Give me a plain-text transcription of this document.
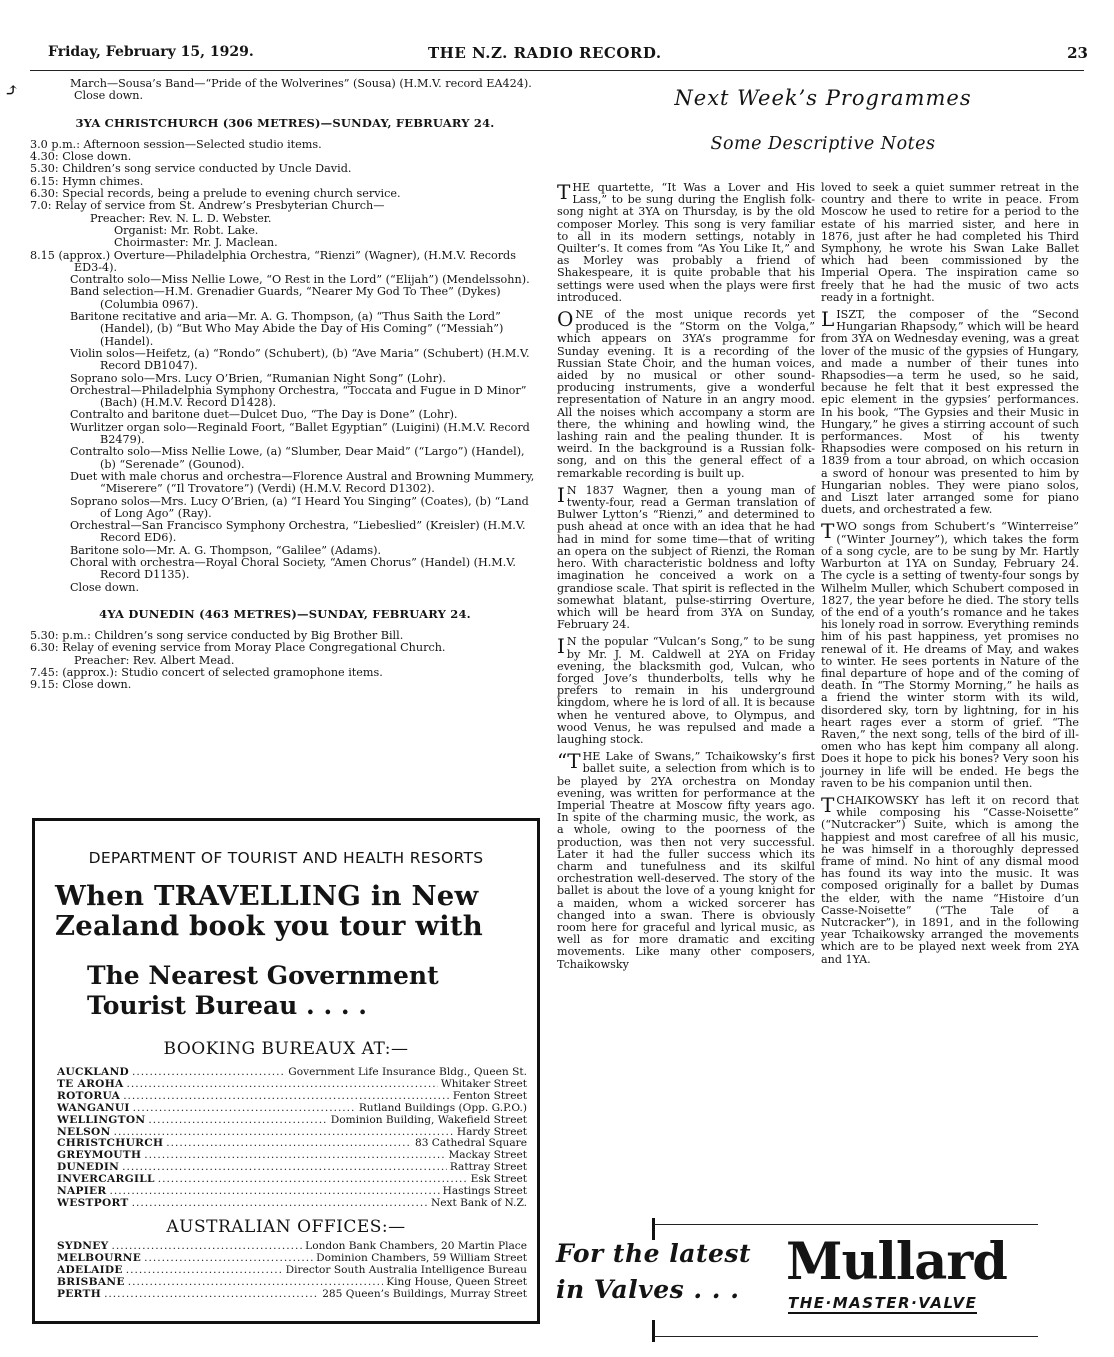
Friday, February 15, 1929.	THE N.Z. RADIO RECORD.	23
⤴	March—Sousa’s Band—“Pride of the Wolverines” (Sousa) (H.M.V. record EA424).

Close down.

3YA CHRISTCHURCH (306 METRES)—SUNDAY, FEBRUARY 24.

3.0 p.m.: Afternoon session—Selected studio items.

4.30: Close down.

5.30: Children’s song service conducted by Uncle David.

6.15: Hymn chimes.

6.30: Special records, being a prelude to evening church service.

7.0: Relay of service from St. Andrew’s Presbyterian Church—

Preacher: Rev. N. L. D. Webster.

Organist: Mr. Robt. Lake.

Choirmaster: Mr. J. Maclean.

8.15 (approx.) Overture—Philadelphia Orchestra, “Rienzi” (Wagner), (H.M.V. Records ED3-4).

Contralto solo—Miss Nellie Lowe, “O Rest in the Lord” (“Elijah”) (Mendelssohn).

Band selection—H.M. Grenadier Guards, “Nearer My God To Thee” (Dykes) (Columbia 0967).

Baritone recitative and aria—Mr. A. G. Thompson, (a) “Thus Saith the Lord” (Handel), (b) “But Who May Abide the Day of His Coming” (“Messiah”) (Handel).

Violin solos—Heifetz, (a) “Rondo” (Schubert), (b) “Ave Maria” (Schubert) (H.M.V. Record DB1047).

Soprano solo—Mrs. Lucy O’Brien, “Rumanian Night Song” (Lohr).

Orchestral—Philadelphia Symphony Orchestra, “Toccata and Fugue in D Minor” (Bach) (H.M.V. Record D1428).

Contralto and baritone duet—Dulcet Duo, “The Day is Done” (Lohr).

Wurlitzer organ solo—Reginald Foort, “Ballet Egyptian” (Luigini) (H.M.V. Record B2479).

Contralto solo—Miss Nellie Lowe, (a) “Slumber, Dear Maid” (“Largo”) (Handel), (b) “Serenade” (Gounod).

Duet with male chorus and orchestra—Florence Austral and Browning Mummery, “Miserere” (“Il Trovatore”) (Verdi) (H.M.V. Record D1302).

Soprano solos—Mrs. Lucy O’Brien, (a) “I Heard You Singing” (Coates), (b) “Land of Long Ago” (Ray).

Orchestral—San Francisco Symphony Orchestra, “Liebeslied” (Kreisler) (H.M.V. Record ED6).

Baritone solo—Mr. A. G. Thompson, “Galilee” (Adams).

Choral with orchestra—Royal Choral Society, “Amen Chorus” (Handel) (H.M.V. Record D1135).

Close down.

4YA DUNEDIN (463 METRES)—SUNDAY, FEBRUARY 24.

5.30: p.m.: Children’s song service conducted by Big Brother Bill.

6.30: Relay of evening service from Moray Place Congregational Church.

Preacher: Rev. Albert Mead.

7.45: (approx.): Studio concert of selected gramophone items.

9.15: Close down.

DEPARTMENT OF TOURIST AND HEALTH RESORTS
When TRAVELLING in New
Zealand book you tour with
The Nearest Government
Tourist Bureau . . . .
BOOKING BUREAUX AT:—
AUCKLAND .....	Government Life Insurance Bldg., Queen St.
TE AROHA .....	Whitaker Street
ROTORUA .....	Fenton Street
WANGANUI .....	Rutland Buildings (Opp. G.P.O.)
WELLINGTON .....	Dominion Building, Wakefield Street
NELSON .....	Hardy Street
CHRISTCHURCH .....	83 Cathedral Square
GREYMOUTH .....	Mackay Street
DUNEDIN .....	Rattray Street
INVERCARGILL .....	Esk Street
NAPIER .....	Hastings Street
WESTPORT .....	Next Bank of N.Z.
AUSTRALIAN OFFICES:—
SYDNEY .....	London Bank Chambers, 20 Martin Place
MELBOURNE .....	Dominion Chambers, 59 William Street
ADELAIDE .....	Director South Australia Intelligence Bureau
BRISBANE .....	King House, Queen Street
PERTH .....	285 Queen’s Buildings, Murray Street
Next Week’s Programmes
Some Descriptive Notes

THE quartette, “It Was a Lover and His Lass,” to be sung during the English folk-song night at 3YA on Thursday, is by the old composer Morley. This song is very familiar to all in its modern settings, notably in Quilter’s. It comes from “As You Like It,” and as Morley was probably a friend of Shakespeare, it is quite probable that his settings were used when the plays were first introduced.

ONE of the most unique records yet produced is the “Storm on the Volga,” which appears on 3YA’s programme for Sunday evening. It is a recording of the Russian State Choir, and the human voices, aided by no musical or other sound-producing instruments, give a wonderful representation of Nature in an angry mood. All the noises which accompany a storm are there, the whining and howling wind, the lashing rain and the pealing thunder. It is weird. In the background is a Russian folk-song, and on this the general effect of a remarkable recording is built up.

I N 1837 Wagner, then a young man of twenty-four, read a German translation of Bulwer Lytton’s “Rienzi,” and determined to push ahead at once with an idea that he had had in mind for some time—that of writing an opera on the subject of Rienzi, the Roman hero. With characteristic boldness and lofty imagination he conceived a work on a grandiose scale. That spirit is reflected in the somewhat blatant, pulse-stirring Overture, which will be heard from 3YA on Sunday, February 24.

I N the popular “Vulcan’s Song,” to be sung by Mr. J. M. Caldwell at 2YA on Friday evening, the blacksmith god, Vulcan, who forged Jove’s thunderbolts, tells why he prefers to remain in his underground kingdom, where he is lord of all. It is because when he ventured above, to Olympus, and wood Venus, he was repulsed and made a laughing stock.

“THE Lake of Swans,” Tchaikowsky’s first ballet suite, a selection from which is to be played by 2YA orchestra on Monday evening, was written for performance at the Imperial Theatre at Moscow fifty years ago. In spite of the charming music, the work, as a whole, owing to the poorness of the production, was then not very successful. Later it had the fuller success which its charm and tunefulness and its skilful orchestration well-deserved. The story of the ballet is about the love of a young knight for a maiden, whom a wicked sorcerer has changed into a swan. There is obviously room here for graceful and lyrical music, as well as for more dramatic and exciting movements. Like many other composers, Tchaikowsky

loved to seek a quiet summer retreat in the country and there to write in peace. From Moscow he used to retire for a period to the estate of his married sister, and here in 1876, just after he had completed his Third Symphony, he wrote his Swan Lake Ballet which had been commissioned by the Imperial Opera. The inspiration came so freely that he had the music of two acts ready in a fortnight.

LISZT, the composer of the “Second Hungarian Rhapsody,” which will be heard from 3YA on Wednesday evening, was a great lover of the music of the gypsies of Hungary, and made a number of their tunes into Rhapsodies—a term he used, so he said, because he felt that it best expressed the epic element in the gypsies’ performances. In his book, “The Gypsies and their Music in Hungary,” he gives a stirring account of such performances. Most of his twenty Rhapsodies were composed on his return in 1839 from a tour abroad, on which occasion a sword of honour was presented to him by Hungarian nobles. They were piano solos, and Liszt later arranged some for piano duets, and orchestrated a few.

TWO songs from Schubert’s “Winterreise” (“Winter Journey”), which takes the form of a song cycle, are to be sung by Mr. Hartly Warburton at 1YA on Sunday, February 24. The cycle is a setting of twenty-four songs by Wilhelm Muller, which Schubert composed in 1827, the year before he died. The story tells of the end of a youth’s romance and he takes his lonely road in sorrow. Everything reminds him of his past happiness, yet promises no renewal of it. He dreams of May, and wakes to winter. He sees portents in Nature of the final departure of hope and of the coming of death. In “The Stormy Morning,” he hails as a friend the winter storm with its wild, disordered sky, torn by lightning, for in his heart rages ever a storm of grief. “The Raven,” the next song, tells of the bird of ill-omen who has kept him company all along. Does it hope to pick his bones? Very soon his journey in life will be ended. He begs the raven to be his companion until then.

TCHAIKOWSKY has left it on record that while composing his “Casse-Noisette” (“Nutcracker”) Suite, which is among the happiest and most carefree of all his music, he was himself in a thoroughly depressed frame of mind. No hint of any dismal mood has found its way into the music. It was composed originally for a ballet by Dumas the elder, with the name “Histoire d’un Casse-Noisette” (“The Tale of a Nutcracker”), in 1891, and in the following year Tchaikowsky arranged the movements which are to be played next week from 2YA and 1YA.

For the latest
in Valves . . . Mullard
THE·MASTER·VALVE
